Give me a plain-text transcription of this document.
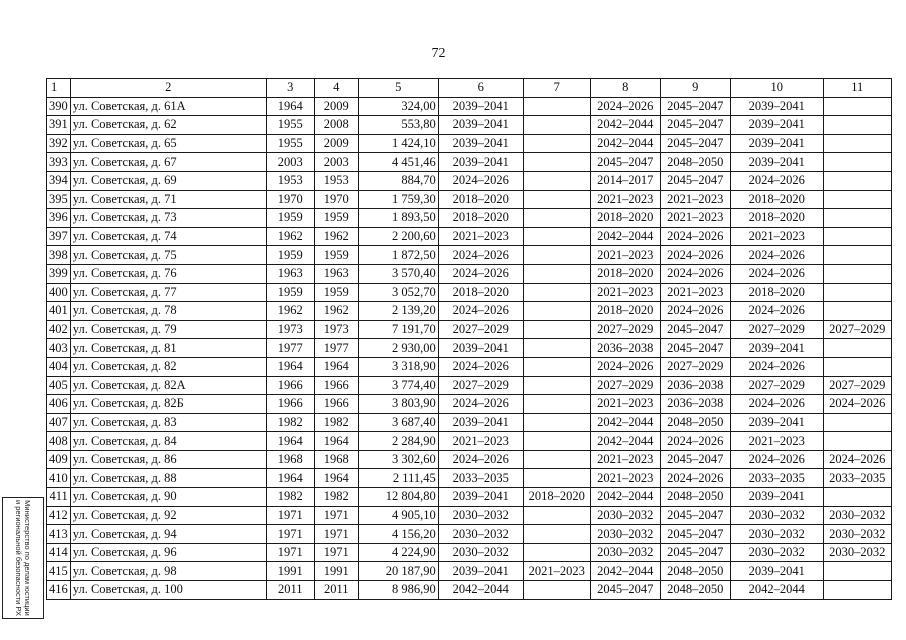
72
1	2	3	4	5	6	7	8	9	10	11
390	ул. Советская, д. 61А	1964	2009	324,00	2039–2041		2024–2026	2045–2047	2039–2041	
391	ул. Советская, д. 62	1955	2008	553,80	2039–2041		2042–2044	2045–2047	2039–2041	
392	ул. Советская, д. 65	1955	2009	1 424,10	2039–2041		2042–2044	2045–2047	2039–2041	
393	ул. Советская, д. 67	2003	2003	4 451,46	2039–2041		2045–2047	2048–2050	2039–2041	
394	ул. Советская, д. 69	1953	1953	884,70	2024–2026		2014–2017	2045–2047	2024–2026	
395	ул. Советская, д. 71	1970	1970	1 759,30	2018–2020		2021–2023	2021–2023	2018–2020	
396	ул. Советская, д. 73	1959	1959	1 893,50	2018–2020		2018–2020	2021–2023	2018–2020	
397	ул. Советская, д. 74	1962	1962	2 200,60	2021–2023		2042–2044	2024–2026	2021–2023	
398	ул. Советская, д. 75	1959	1959	1 872,50	2024–2026		2021–2023	2024–2026	2024–2026	
399	ул. Советская, д. 76	1963	1963	3 570,40	2024–2026		2018–2020	2024–2026	2024–2026	
400	ул. Советская, д. 77	1959	1959	3 052,70	2018–2020		2021–2023	2021–2023	2018–2020	
401	ул. Советская, д. 78	1962	1962	2 139,20	2024–2026		2018–2020	2024–2026	2024–2026	
402	ул. Советская, д. 79	1973	1973	7 191,70	2027–2029		2027–2029	2045–2047	2027–2029	2027–2029
403	ул. Советская, д. 81	1977	1977	2 930,00	2039–2041		2036–2038	2045–2047	2039–2041	
404	ул. Советская, д. 82	1964	1964	3 318,90	2024–2026		2024–2026	2027–2029	2024–2026	
405	ул. Советская, д. 82А	1966	1966	3 774,40	2027–2029		2027–2029	2036–2038	2027–2029	2027–2029
406	ул. Советская, д. 82Б	1966	1966	3 803,90	2024–2026		2021–2023	2036–2038	2024–2026	2024–2026
407	ул. Советская, д. 83	1982	1982	3 687,40	2039–2041		2042–2044	2048–2050	2039–2041	
408	ул. Советская, д. 84	1964	1964	2 284,90	2021–2023		2042–2044	2024–2026	2021–2023	
409	ул. Советская, д. 86	1968	1968	3 302,60	2024–2026		2021–2023	2045–2047	2024–2026	2024–2026
410	ул. Советская, д. 88	1964	1964	2 111,45	2033–2035		2021–2023	2024–2026	2033–2035	2033–2035
411	ул. Советская, д. 90	1982	1982	12 804,80	2039–2041	2018–2020	2042–2044	2048–2050	2039–2041	
412	ул. Советская, д. 92	1971	1971	4 905,10	2030–2032		2030–2032	2045–2047	2030–2032	2030–2032
413	ул. Советская, д. 94	1971	1971	4 156,20	2030–2032		2030–2032	2045–2047	2030–2032	2030–2032
414	ул. Советская, д. 96	1971	1971	4 224,90	2030–2032		2030–2032	2045–2047	2030–2032	2030–2032
415	ул. Советская, д. 98	1991	1991	20 187,90	2039–2041	2021–2023	2042–2044	2048–2050	2039–2041	
416	ул. Советская, д. 100	2011	2011	8 986,90	2042–2044		2045–2047	2048–2050	2042–2044	
Министерство по делам юстиции и региональной безопасности РХ
